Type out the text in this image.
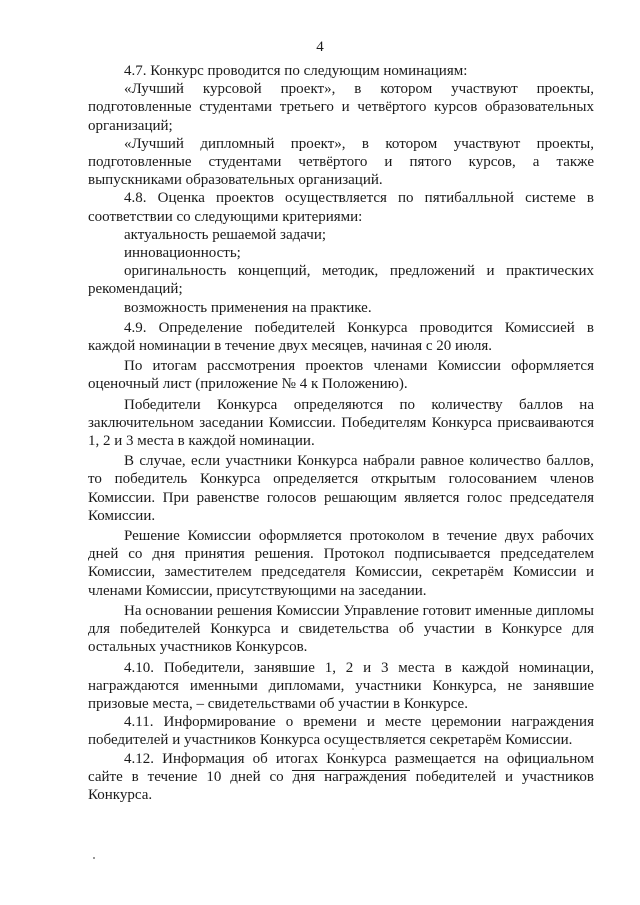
4

4.7. Конкурс проводится по следующим номинациям:

«Лучший курсовой проект», в котором участвуют проекты, подготовленные студентами третьего и четвёртого курсов образовательных организаций;

«Лучший дипломный проект», в котором участвуют проекты, подготовленные студентами четвёртого и пятого курсов, а также выпускниками образовательных организаций.

4.8. Оценка проектов осуществляется по пятибалльной системе в соответствии со следующими критериями:

актуальность решаемой задачи;

инновационность;

оригинальность концепций, методик, предложений и практических рекомендаций;

возможность применения на практике.

4.9. Определение победителей Конкурса проводится Комиссией в каждой номинации в течение двух месяцев, начиная с 20 июля.

По итогам рассмотрения проектов членами Комиссии оформляется оценочный лист (приложение № 4 к Положению).

Победители Конкурса определяются по количеству баллов на заключительном заседании Комиссии. Победителям Конкурса присваиваются 1, 2 и 3 места в каждой номинации.

В случае, если участники Конкурса набрали равное количество баллов, то победитель Конкурса определяется открытым голосованием членов Комиссии. При равенстве голосов решающим является голос председателя Комиссии.

Решение Комиссии оформляется протоколом в течение двух рабочих дней со дня принятия решения. Протокол подписывается председателем Комиссии, заместителем председателя Комиссии, секретарём Комиссии и членами Комиссии, присутствующими на заседании.

На основании решения Комиссии Управление готовит именные дипломы для победителей Конкурса и свидетельства об участии в Конкурсе для остальных участников Конкурсов.

4.10. Победители, занявшие 1, 2 и 3 места в каждой номинации, награждаются именными дипломами, участники Конкурса, не занявшие призовые места, – свидетельствами об участии в Конкурсе.

4.11. Информирование о времени и месте церемонии награждения победителей и участников Конкурса осуществляется секретарём Комиссии.

4.12. Информация об итогах Конкурса размещается на официальном сайте в течение 10 дней со дня награждения победителей и участников Конкурса.
